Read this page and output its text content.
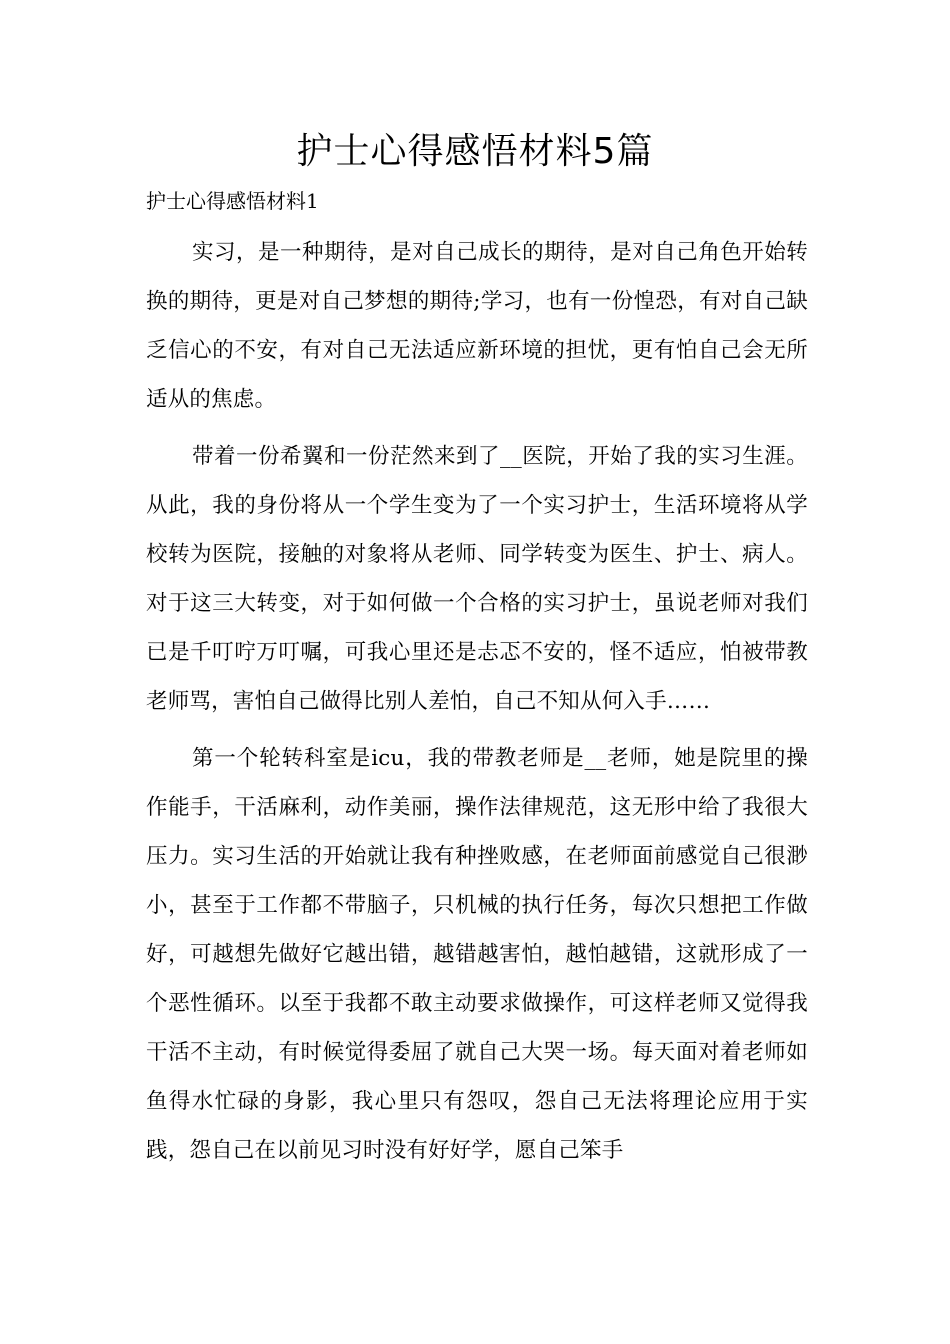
护士心得感悟材料5篇
护士心得感悟材料1

实习，是一种期待，是对自己成长的期待，是对自己角色开始转换的期待，更是对自己梦想的期待;学习，也有一份惶恐，有对自己缺乏信心的不安，有对自己无法适应新环境的担忧，更有怕自己会无所适从的焦虑。

带着一份希翼和一份茫然来到了__医院，开始了我的实习生涯。从此，我的身份将从一个学生变为了一个实习护士，生活环境将从学校转为医院，接触的对象将从老师、同学转变为医生、护士、病人。对于这三大转变，对于如何做一个合格的实习护士，虽说老师对我们已是千叮咛万叮嘱，可我心里还是忐忑不安的，怪不适应，怕被带教老师骂，害怕自己做得比别人差怕，自己不知从何入手……

第一个轮转科室是icu，我的带教老师是__老师，她是院里的操作能手，干活麻利，动作美丽，操作法律规范，这无形中给了我很大压力。实习生活的开始就让我有种挫败感，在老师面前感觉自己很渺小，甚至于工作都不带脑子，只机械的执行任务，每次只想把工作做好，可越想先做好它越出错，越错越害怕，越怕越错，这就形成了一个恶性循环。以至于我都不敢主动要求做操作，可这样老师又觉得我干活不主动，有时候觉得委屈了就自己大哭一场。每天面对着老师如鱼得水忙碌的身影，我心里只有怨叹，怨自己无法将理论应用于实践，怨自己在以前见习时没有好好学，愿自己笨手
